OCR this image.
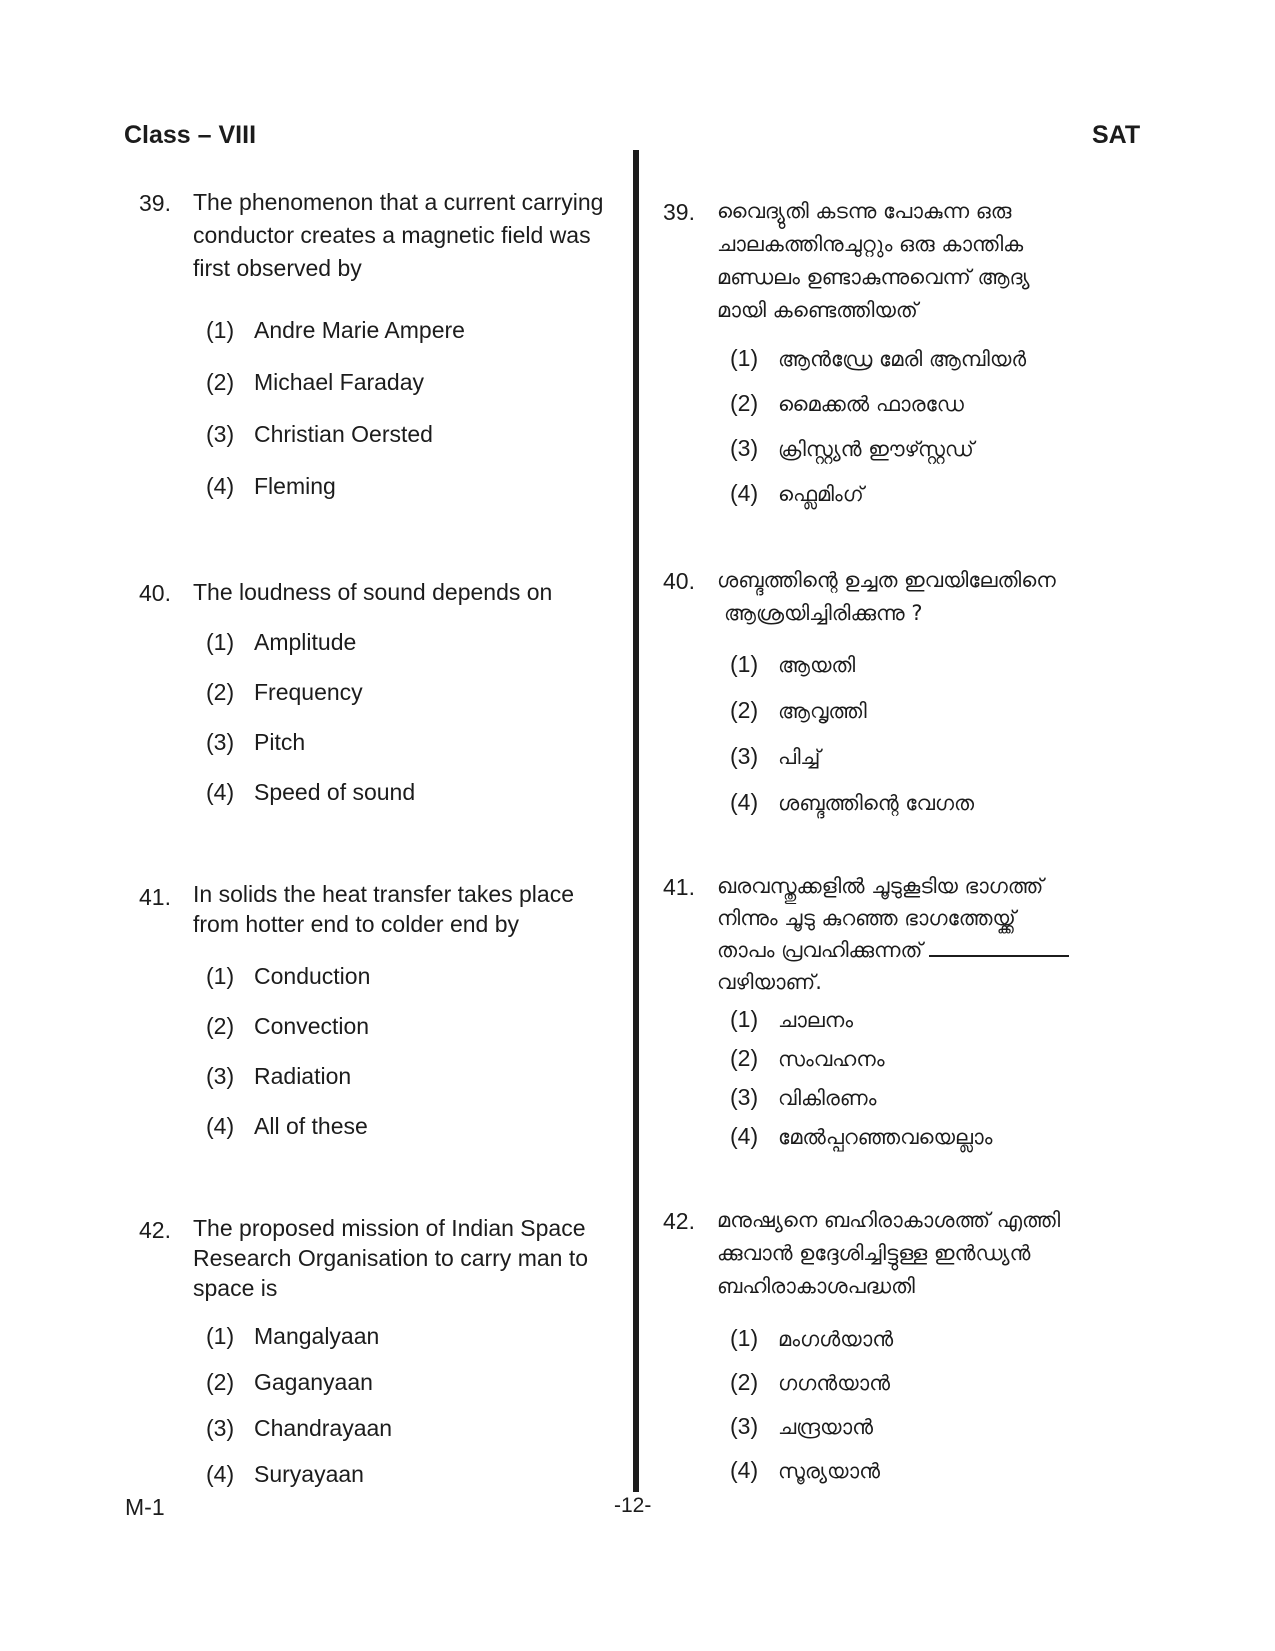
Class – VIII	SAT
39. The phenomenon that a current carrying
conductor creates a magnetic field was
first observed by
(1) Andre Marie Ampere
(2) Michael Faraday
(3) Christian Oersted
(4) Fleming
40. The loudness of sound depends on
(1) Amplitude
(2) Frequency
(3) Pitch
(4) Speed of sound
41. In solids the heat transfer takes place
from hotter end to colder end by
(1) Conduction
(2) Convection
(3) Radiation
(4) All of these
42. The proposed mission of Indian Space
Research Organisation to carry man to
space is
(1) Mangalyaan
(2) Gaganyaan
(3) Chandrayaan
(4) Suryayaan
39. വൈദ്യുതി കടന്നു പോകുന്ന ഒരു
ചാലകത്തിനുചുറ്റും ഒരു കാന്തിക
മണ്ഡലം ഉണ്ടാകുന്നുവെന്ന് ആദ്യ
മായി കണ്ടെത്തിയത്
(1) ആൻഡ്രേ മേരി ആമ്പിയർ
(2) മൈക്കൽ ഫാരഡേ
(3) ക്രിസ്റ്റ്യൻ ഈഴ്സ്റ്റഡ്
(4) ഫ്ലെമിംഗ്
40. ശബ്ദത്തിന്റെ ഉച്ചത ഇവയിലേതിനെ
ആശ്രയിച്ചിരിക്കുന്നു ?
(1) ആയതി
(2) ആവൃത്തി
(3) പിച്ച്
(4) ശബ്ദത്തിന്റെ വേഗത
41. ഖരവസ്തുക്കളിൽ ചൂടുകൂടിയ ഭാഗത്ത്
നിന്നും ചൂടു കുറഞ്ഞ ഭാഗത്തേയ്ക്ക്
താപം പ്രവഹിക്കുന്നത്
വഴിയാണ്.
(1) ചാലനം
(2) സംവഹനം
(3) വികിരണം
(4) മേൽപ്പറഞ്ഞവയെല്ലാം
42. മനുഷ്യനെ ബഹിരാകാശത്ത് എത്തി
ക്കുവാൻ ഉദ്ദേശിച്ചിട്ടുള്ള ഇൻഡ്യൻ
ബഹിരാകാശപദ്ധതി
(1) മംഗൾയാൻ
(2) ഗഗൻയാൻ
(3) ചന്ദ്രയാൻ
(4) സൂര്യയാൻ
M-1	-12-
